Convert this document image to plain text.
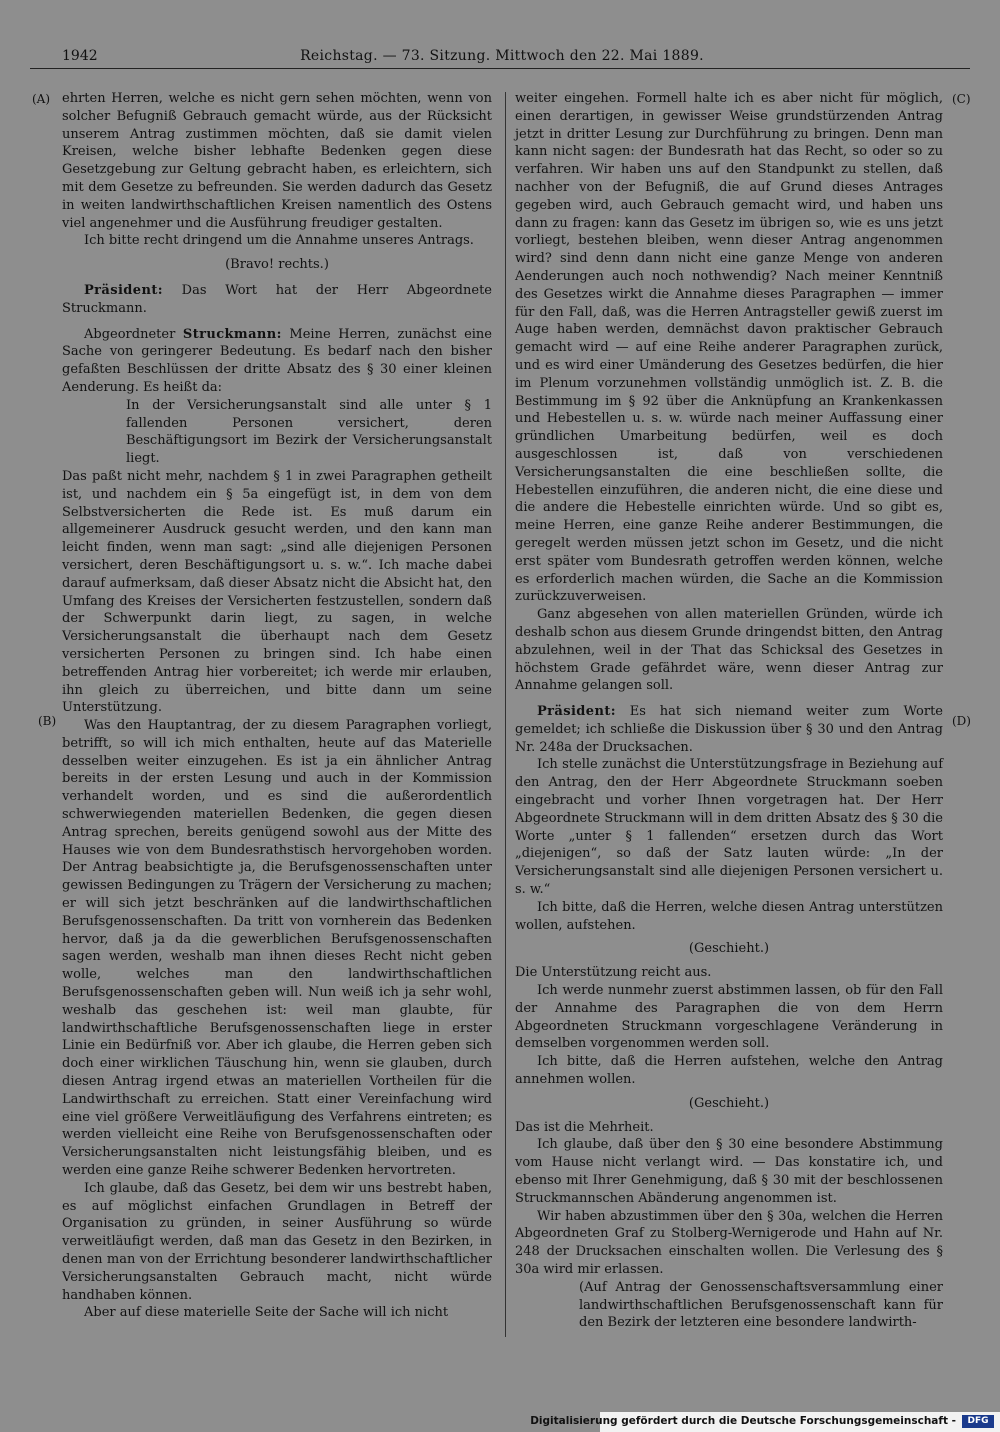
1942	Reichstag. — 73. Sitzung. Mittwoch den 22. Mai 1889.
(A)
(B)
(C)
(D)

ehrten Herren, welche es nicht gern sehen möchten, wenn von solcher Befugniß Gebrauch gemacht würde, aus der Rücksicht unserem Antrag zustimmen möchten, daß sie damit vielen Kreisen, welche bisher lebhafte Bedenken gegen diese Gesetzgebung zur Geltung gebracht haben, es erleichtern, sich mit dem Gesetze zu befreunden. Sie werden dadurch das Gesetz in weiten landwirthschaftlichen Kreisen namentlich des Ostens viel angenehmer und die Ausführung freudiger gestalten.

Ich bitte recht dringend um die Annahme unseres Antrags.

(Bravo! rechts.)

Präsident: Das Wort hat der Herr Abgeordnete Struckmann.

Abgeordneter Struckmann: Meine Herren, zunächst eine Sache von geringerer Bedeutung. Es bedarf nach den bisher gefaßten Beschlüssen der dritte Absatz des § 30 einer kleinen Aenderung. Es heißt da:

In der Versicherungsanstalt sind alle unter § 1 fallenden Personen versichert, deren Beschäftigungsort im Bezirk der Versicherungsanstalt liegt.

Das paßt nicht mehr, nachdem § 1 in zwei Paragraphen getheilt ist, und nachdem ein § 5a eingefügt ist, in dem von dem Selbstversicherten die Rede ist. Es muß darum ein allgemeinerer Ausdruck gesucht werden, und den kann man leicht finden, wenn man sagt: „sind alle diejenigen Personen versichert, deren Beschäftigungsort u. s. w.“. Ich mache dabei darauf aufmerksam, daß dieser Absatz nicht die Absicht hat, den Umfang des Kreises der Versicherten festzustellen, sondern daß der Schwerpunkt darin liegt, zu sagen, in welche Versicherungsanstalt die überhaupt nach dem Gesetz versicherten Personen zu bringen sind. Ich habe einen betreffenden Antrag hier vorbereitet; ich werde mir erlauben, ihn gleich zu überreichen, und bitte dann um seine Unterstützung.

Was den Hauptantrag, der zu diesem Paragraphen vorliegt, betrifft, so will ich mich enthalten, heute auf das Materielle desselben weiter einzugehen. Es ist ja ein ähnlicher Antrag bereits in der ersten Lesung und auch in der Kommission verhandelt worden, und es sind die außerordentlich schwerwiegenden materiellen Bedenken, die gegen diesen Antrag sprechen, bereits genügend sowohl aus der Mitte des Hauses wie von dem Bundesrathstisch hervorgehoben worden. Der Antrag beabsichtigte ja, die Berufsgenossenschaften unter gewissen Bedingungen zu Trägern der Versicherung zu machen; er will sich jetzt beschränken auf die landwirthschaftlichen Berufsgenossenschaften. Da tritt von vornherein das Bedenken hervor, daß ja da die gewerblichen Berufsgenossenschaften sagen werden, weshalb man ihnen dieses Recht nicht geben wolle, welches man den landwirthschaftlichen Berufsgenossenschaften geben will. Nun weiß ich ja sehr wohl, weshalb das geschehen ist: weil man glaubte, für landwirthschaftliche Berufsgenossenschaften liege in erster Linie ein Bedürfniß vor. Aber ich glaube, die Herren geben sich doch einer wirklichen Täuschung hin, wenn sie glauben, durch diesen Antrag irgend etwas an materiellen Vortheilen für die Landwirthschaft zu erreichen. Statt einer Vereinfachung wird eine viel größere Verweitläufigung des Verfahrens eintreten; es werden vielleicht eine Reihe von Berufsgenossenschaften oder Versicherungsanstalten nicht leistungsfähig bleiben, und es werden eine ganze Reihe schwerer Bedenken hervortreten.

Ich glaube, daß das Gesetz, bei dem wir uns bestrebt haben, es auf möglichst einfachen Grundlagen in Betreff der Organisation zu gründen, in seiner Ausführung so würde verweitläufigt werden, daß man das Gesetz in den Bezirken, in denen man von der Errichtung besonderer landwirthschaftlicher Versicherungsanstalten Gebrauch macht, nicht würde handhaben können.

Aber auf diese materielle Seite der Sache will ich nicht

weiter eingehen. Formell halte ich es aber nicht für möglich, einen derartigen, in gewisser Weise grundstürzenden Antrag jetzt in dritter Lesung zur Durchführung zu bringen. Denn man kann nicht sagen: der Bundesrath hat das Recht, so oder so zu verfahren. Wir haben uns auf den Standpunkt zu stellen, daß nachher von der Befugniß, die auf Grund dieses Antrages gegeben wird, auch Gebrauch gemacht wird, und haben uns dann zu fragen: kann das Gesetz im übrigen so, wie es uns jetzt vorliegt, bestehen bleiben, wenn dieser Antrag angenommen wird? sind denn dann nicht eine ganze Menge von anderen Aenderungen auch noch nothwendig? Nach meiner Kenntniß des Gesetzes wirkt die Annahme dieses Paragraphen — immer für den Fall, daß, was die Herren Antragsteller gewiß zuerst im Auge haben werden, demnächst davon praktischer Gebrauch gemacht wird — auf eine Reihe anderer Paragraphen zurück, und es wird einer Umänderung des Gesetzes bedürfen, die hier im Plenum vorzunehmen vollständig unmöglich ist. Z. B. die Bestimmung im § 92 über die Anknüpfung an Krankenkassen und Hebestellen u. s. w. würde nach meiner Auffassung einer gründlichen Umarbeitung bedürfen, weil es doch ausgeschlossen ist, daß von verschiedenen Versicherungsanstalten die eine beschließen sollte, die Hebestellen einzuführen, die anderen nicht, die eine diese und die andere die Hebestelle einrichten würde. Und so gibt es, meine Herren, eine ganze Reihe anderer Bestimmungen, die geregelt werden müssen jetzt schon im Gesetz, und die nicht erst später vom Bundesrath getroffen werden können, welche es erforderlich machen würden, die Sache an die Kommission zurückzuverweisen.

Ganz abgesehen von allen materiellen Gründen, würde ich deshalb schon aus diesem Grunde dringendst bitten, den Antrag abzulehnen, weil in der That das Schicksal des Gesetzes in höchstem Grade gefährdet wäre, wenn dieser Antrag zur Annahme gelangen soll.

Präsident: Es hat sich niemand weiter zum Worte gemeldet; ich schließe die Diskussion über § 30 und den Antrag Nr. 248a der Drucksachen.

Ich stelle zunächst die Unterstützungsfrage in Beziehung auf den Antrag, den der Herr Abgeordnete Struckmann soeben eingebracht und vorher Ihnen vorgetragen hat. Der Herr Abgeordnete Struckmann will in dem dritten Absatz des § 30 die Worte „unter § 1 fallenden“ ersetzen durch das Wort „diejenigen“, so daß der Satz lauten würde: „In der Versicherungsanstalt sind alle diejenigen Personen versichert u. s. w.“

Ich bitte, daß die Herren, welche diesen Antrag unterstützen wollen, aufstehen.

(Geschieht.)

Die Unterstützung reicht aus.

Ich werde nunmehr zuerst abstimmen lassen, ob für den Fall der Annahme des Paragraphen die von dem Herrn Abgeordneten Struckmann vorgeschlagene Veränderung in demselben vorgenommen werden soll.

Ich bitte, daß die Herren aufstehen, welche den Antrag annehmen wollen.

(Geschieht.)

Das ist die Mehrheit.

Ich glaube, daß über den § 30 eine besondere Abstimmung vom Hause nicht verlangt wird. — Das konstatire ich, und ebenso mit Ihrer Genehmigung, daß § 30 mit der beschlossenen Struckmannschen Abänderung angenommen ist.

Wir haben abzustimmen über den § 30a, welchen die Herren Abgeordneten Graf zu Stolberg-Wernigerode und Hahn auf Nr. 248 der Drucksachen einschalten wollen. Die Verlesung des § 30a wird mir erlassen.

(Auf Antrag der Genossenschaftsversammlung einer landwirthschaftlichen Berufsgenossenschaft kann für den Bezirk der letzteren eine besondere landwirth-

Digitalisierung gefördert durch die Deutsche Forschungsgemeinschaft -	DFG
